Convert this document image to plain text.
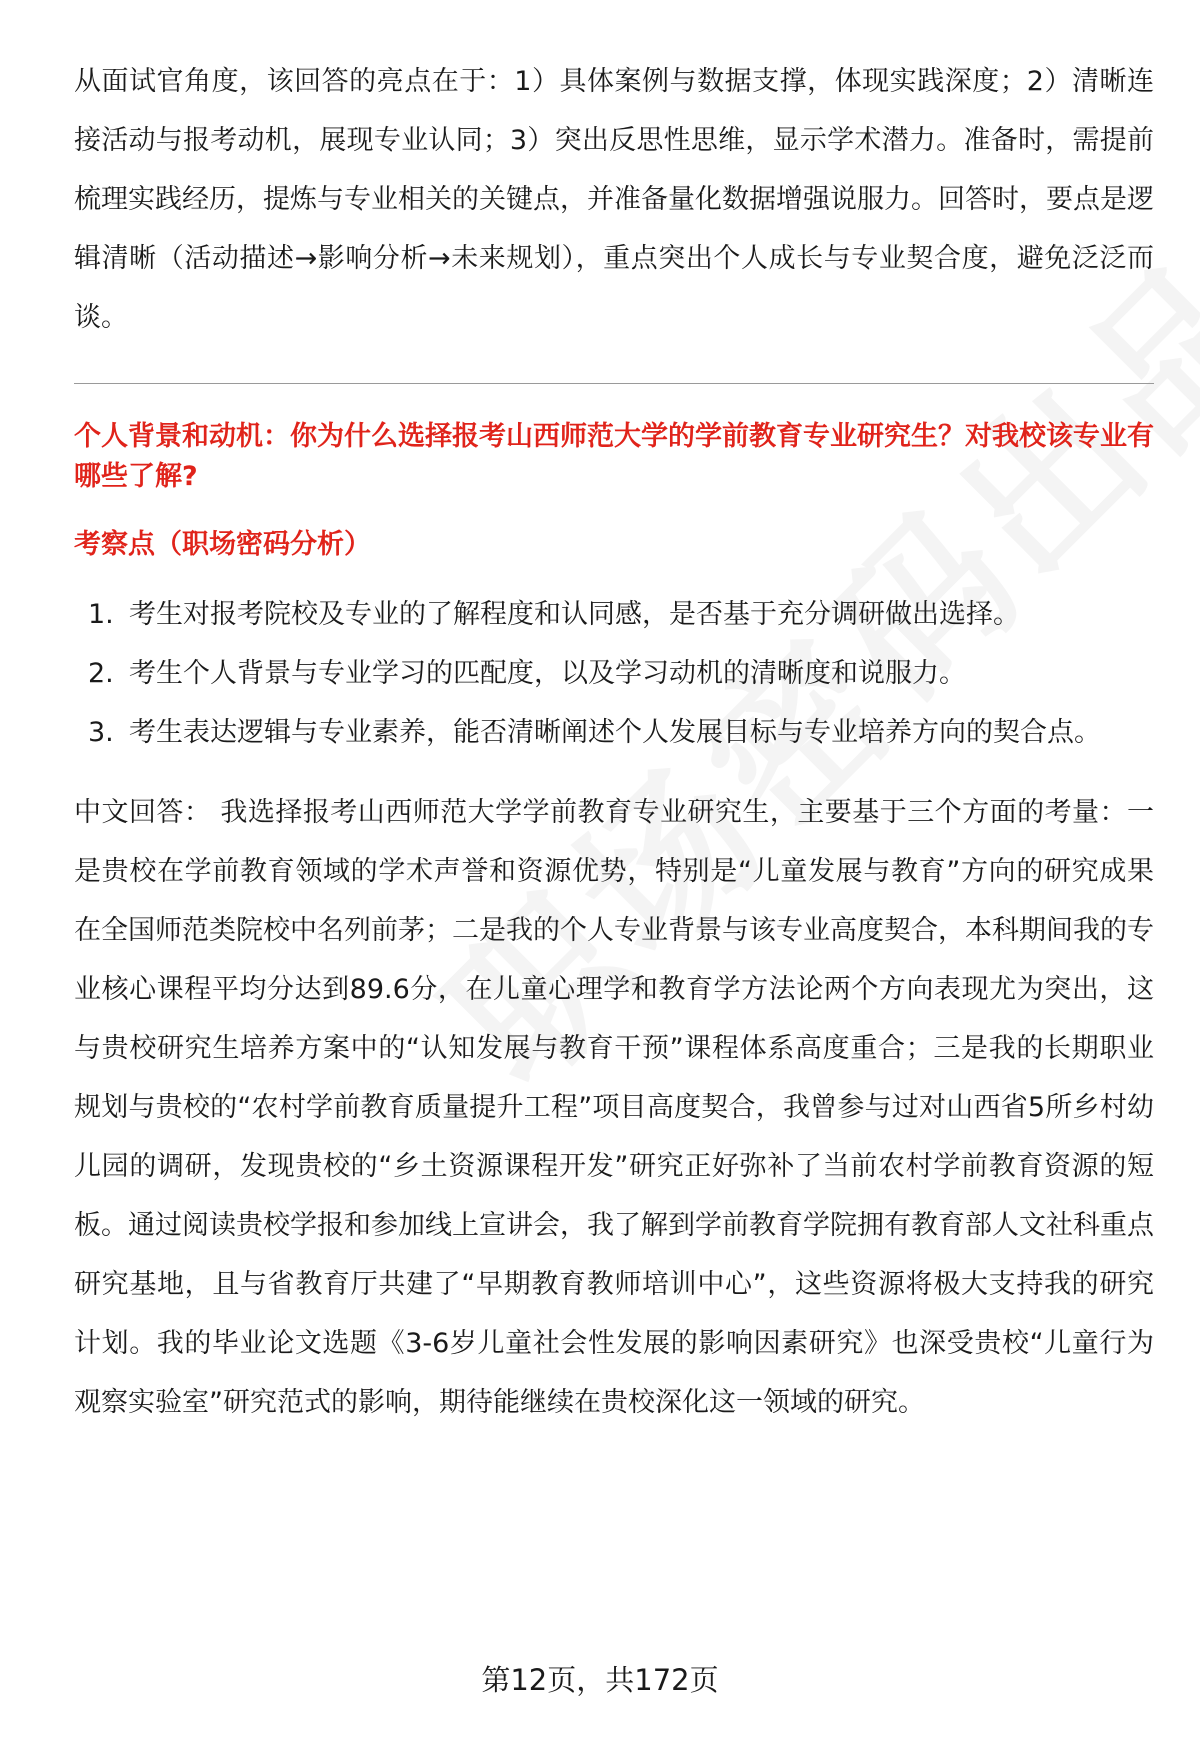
从面试官角度，该回答的亮点在于：1）具体案例与数据支撑，体现实践深度；2）清晰连接活动与报考动机，展现专业认同；3）突出反思性思维，显示学术潜力。准备时，需提前梳理实践经历，提炼与专业相关的关键点，并准备量化数据增强说服力。回答时，要点是逻辑清晰（活动描述→影响分析→未来规划），重点突出个人成长与专业契合度，避免泛泛而谈。

个人背景和动机：你为什么选择报考山西师范大学的学前教育专业研究生？对我校该专业有哪些了解?
考察点（职场密码分析）
1. 考生对报考院校及专业的了解程度和认同感，是否基于充分调研做出选择。
2. 考生个人背景与专业学习的匹配度，以及学习动机的清晰度和说服力。
3. 考生表达逻辑与专业素养，能否清晰阐述个人发展目标与专业培养方向的契合点。

中文回答： 我选择报考山西师范大学学前教育专业研究生，主要基于三个方面的考量：一是贵校在学前教育领域的学术声誉和资源优势，特别是“儿童发展与教育”方向的研究成果在全国师范类院校中名列前茅；二是我的个人专业背景与该专业高度契合，本科期间我的专业核心课程平均分达到89.6分，在儿童心理学和教育学方法论两个方向表现尤为突出，这与贵校研究生培养方案中的“认知发展与教育干预”课程体系高度重合；三是我的长期职业规划与贵校的“农村学前教育质量提升工程”项目高度契合，我曾参与过对山西省5所乡村幼儿园的调研，发现贵校的“乡土资源课程开发”研究正好弥补了当前农村学前教育资源的短板。通过阅读贵校学报和参加线上宣讲会，我了解到学前教育学院拥有教育部人文社科重点研究基地，且与省教育厅共建了“早期教育教师培训中心”，这些资源将极大支持我的研究计划。我的毕业论文选题《3-6岁儿童社会性发展的影响因素研究》也深受贵校“儿童行为观察实验室”研究范式的影响，期待能继续在贵校深化这一领域的研究。

第12页，共172页
